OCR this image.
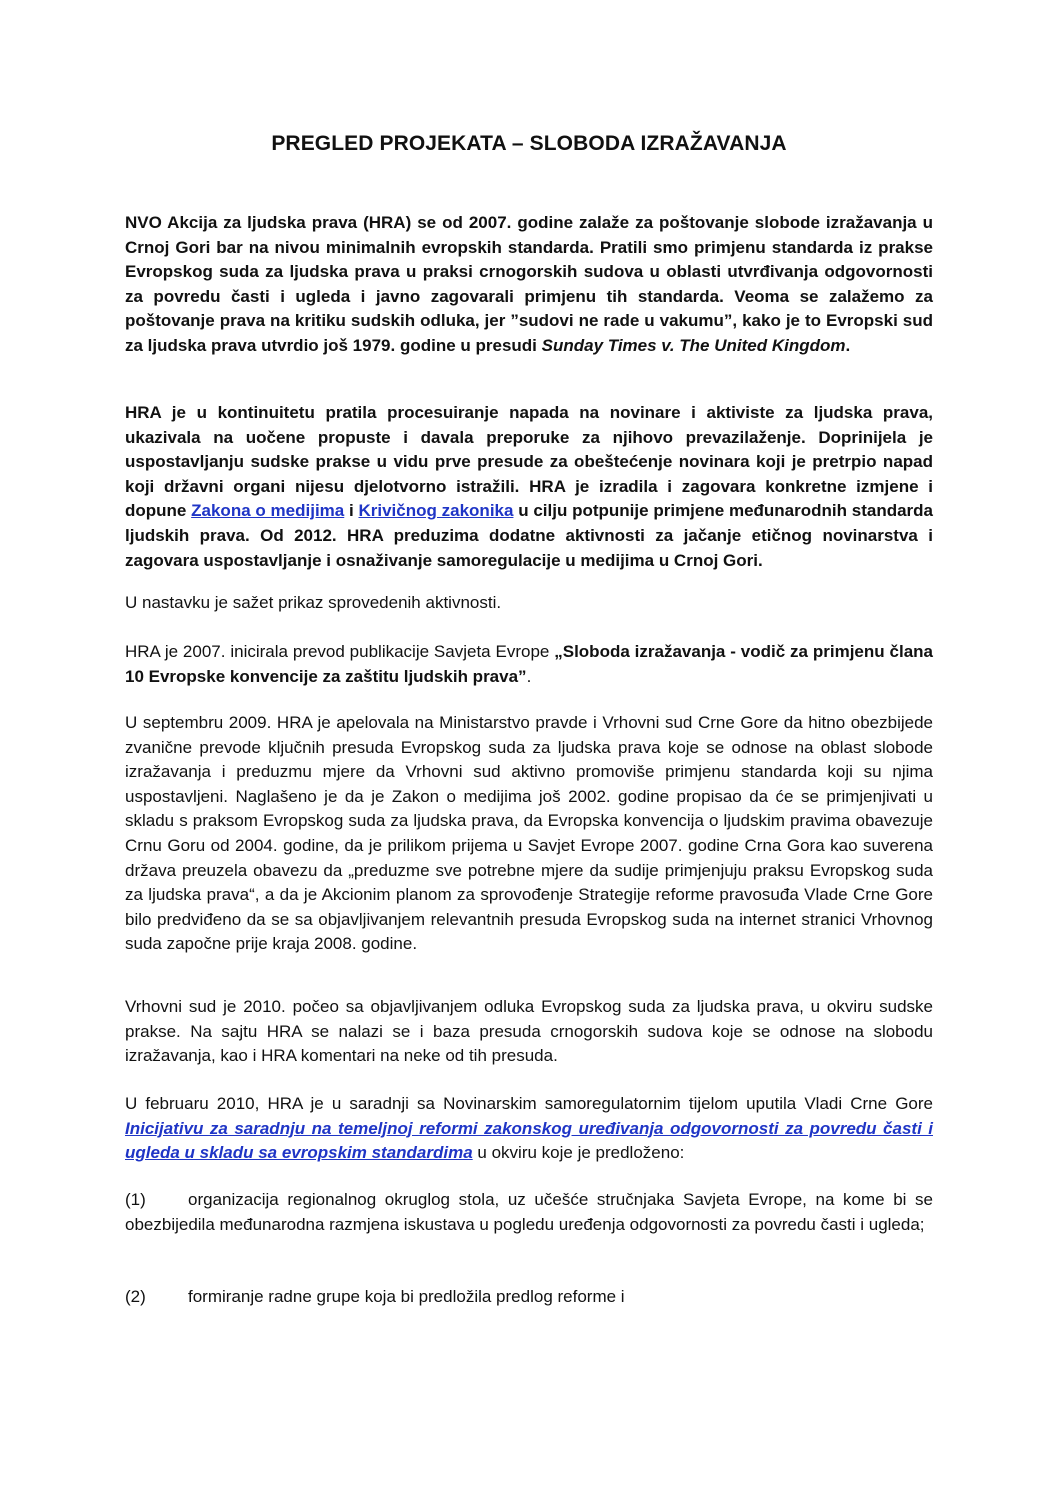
PREGLED PROJEKATA – SLOBODA IZRAŽAVANJA

NVO Akcija za ljudska prava (HRA) se od 2007. godine zalaže za poštovanje slobode izražavanja u Crnoj Gori bar na nivou minimalnih evropskih standarda. Pratili smo primjenu standarda iz prakse Evropskog suda za ljudska prava u praksi crnogorskih sudova u oblasti utvrđivanja odgovornosti za povredu časti i ugleda i javno zagovarali primjenu tih standarda. Veoma se zalažemo za poštovanje prava na kritiku sudskih odluka, jer ”sudovi ne rade u vakumu”, kako je to Evropski sud za ljudska prava utvrdio još 1979. godine u presudi Sunday Times v. The United Kingdom.

HRA je u kontinuitetu pratila procesuiranje napada na novinare i aktiviste za ljudska prava, ukazivala na uočene propuste i davala preporuke za njihovo prevazilaženje. Doprinijela je uspostavljanju sudske prakse u vidu prve presude za obeštećenje novinara koji je pretrpio napad koji državni organi nijesu djelotvorno istražili. HRA je izradila i zagovara konkretne izmjene i dopune Zakona o medijima i Krivičnog zakonika u cilju potpunije primjene međunarodnih standarda ljudskih prava. Od 2012. HRA preduzima dodatne aktivnosti za jačanje etičnog novinarstva i zagovara uspostavljanje i osnaživanje samoregulacije u medijima u Crnoj Gori.

U nastavku je sažet prikaz sprovedenih aktivnosti.

HRA je 2007. inicirala prevod publikacije Savjeta Evrope „Sloboda izražavanja - vodič za primjenu člana 10 Evropske konvencije za zaštitu ljudskih prava”.

U septembru 2009. HRA je apelovala na Ministarstvo pravde i Vrhovni sud Crne Gore da hitno obezbijede zvanične prevode ključnih presuda Evropskog suda za ljudska prava koje se odnose na oblast slobode izražavanja i preduzmu mjere da Vrhovni sud aktivno promoviše primjenu standarda koji su njima uspostavljeni. Naglašeno je da je Zakon o medijima još 2002. godine propisao da će se primjenjivati u skladu s praksom Evropskog suda za ljudska prava, da Evropska konvencija o ljudskim pravima obavezuje Crnu Goru od 2004. godine, da je prilikom prijema u Savjet Evrope 2007. godine Crna Gora kao suverena država preuzela obavezu da „preduzme sve potrebne mjere da sudije primjenjuju praksu Evropskog suda za ljudska prava“, a da je Akcionim planom za sprovođenje Strategije reforme pravosuđa Vlade Crne Gore bilo predviđeno da se sa objavljivanjem relevantnih presuda Evropskog suda na internet stranici Vrhovnog suda započne prije kraja 2008. godine.

Vrhovni sud je 2010. počeo sa objavljivanjem odluka Evropskog suda za ljudska prava, u okviru sudske prakse. Na sajtu HRA se nalazi se i baza presuda crnogorskih sudova koje se odnose na slobodu izražavanja, kao i HRA komentari na neke od tih presuda.

U februaru 2010, HRA je u saradnji sa Novinarskim samoregulatornim tijelom uputila Vladi Crne Gore Inicijativu za saradnju na temeljnoj reformi zakonskog uređivanja odgovornosti za povredu časti i ugleda u skladu sa evropskim standardima u okviru koje je predloženo:

(1) organizacija regionalnog okruglog stola, uz učešće stručnjaka Savjeta Evrope, na kome bi se obezbijedila međunarodna razmjena iskustava u pogledu uređenja odgovornosti za povredu časti i ugleda;
(2) formiranje radne grupe koja bi predložila predlog reforme i
